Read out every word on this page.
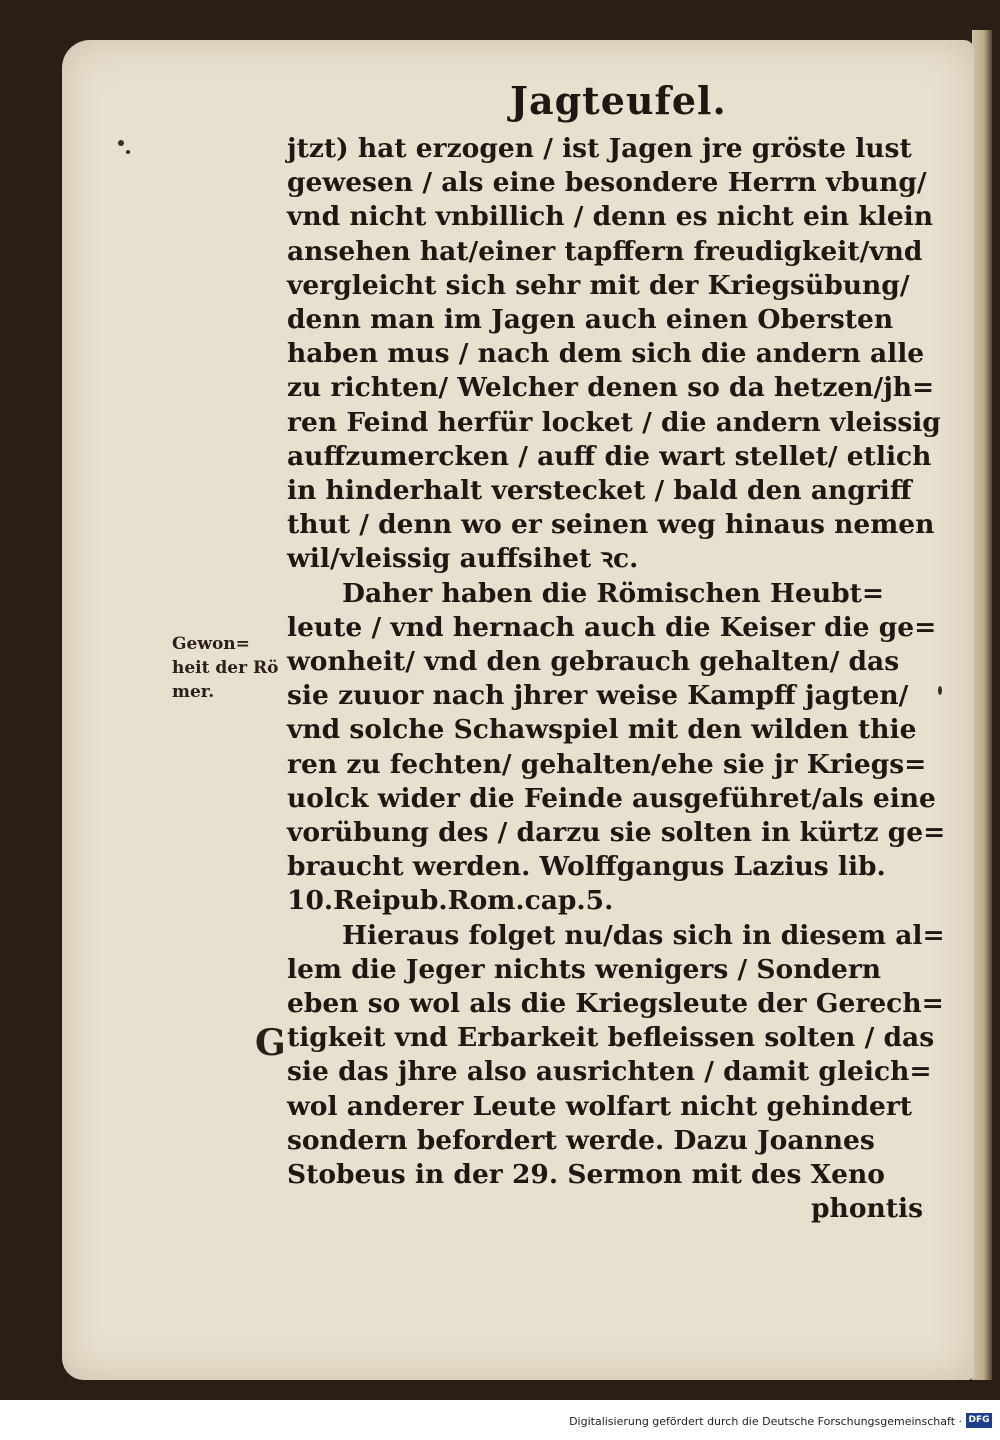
Jagteufel.
jtzt) hat erzogen / ist Jagen jre gröste lust
gewesen / als eine besondere Herrn vbung/
vnd nicht vnbillich / denn es nicht ein klein
ansehen hat/einer tapffern freudigkeit/vnd
vergleicht sich sehr mit der Kriegsübung/
denn man im Jagen auch einen Obersten
haben mus / nach dem sich die andern alle
zu richten/ Welcher denen so da hetzen/jh=
ren Feind herfür locket / die andern vleissig
auffzumercken / auff die wart stellet/ etlich
in hinderhalt verstecket / bald den angriff
thut / denn wo er seinen weg hinaus nemen
wil/vleissig auffsihet ꝛc.
Daher haben die Römischen Heubt=
leute / vnd hernach auch die Keiser die ge=
wonheit/ vnd den gebrauch gehalten/ das
sie zuuor nach jhrer weise Kampff jagten/
vnd solche Schawspiel mit den wilden thie
ren zu fechten/ gehalten/ehe sie jr Kriegs=
uolck wider die Feinde ausgeführet/als eine
vorübung des / darzu sie solten in kürtz ge=
braucht werden. Wolffgangus Lazius lib.
10.Reipub.Rom.cap.5.
Hieraus folget nu/das sich in diesem al=
lem die Jeger nichts wenigers / Sondern
eben so wol als die Kriegsleute der Gerech=
tigkeit vnd Erbarkeit befleissen solten / das
sie das jhre also ausrichten / damit gleich=
wol anderer Leute wolfart nicht gehindert
sondern befordert werde. Dazu Joannes
Stobeus in der 29. Sermon mit des Xeno
phontis
Gewon=
heit der Rö
mer.
G
Digitalisierung gefördert durch die Deutsche Forschungsgemeinschaft · DFG
